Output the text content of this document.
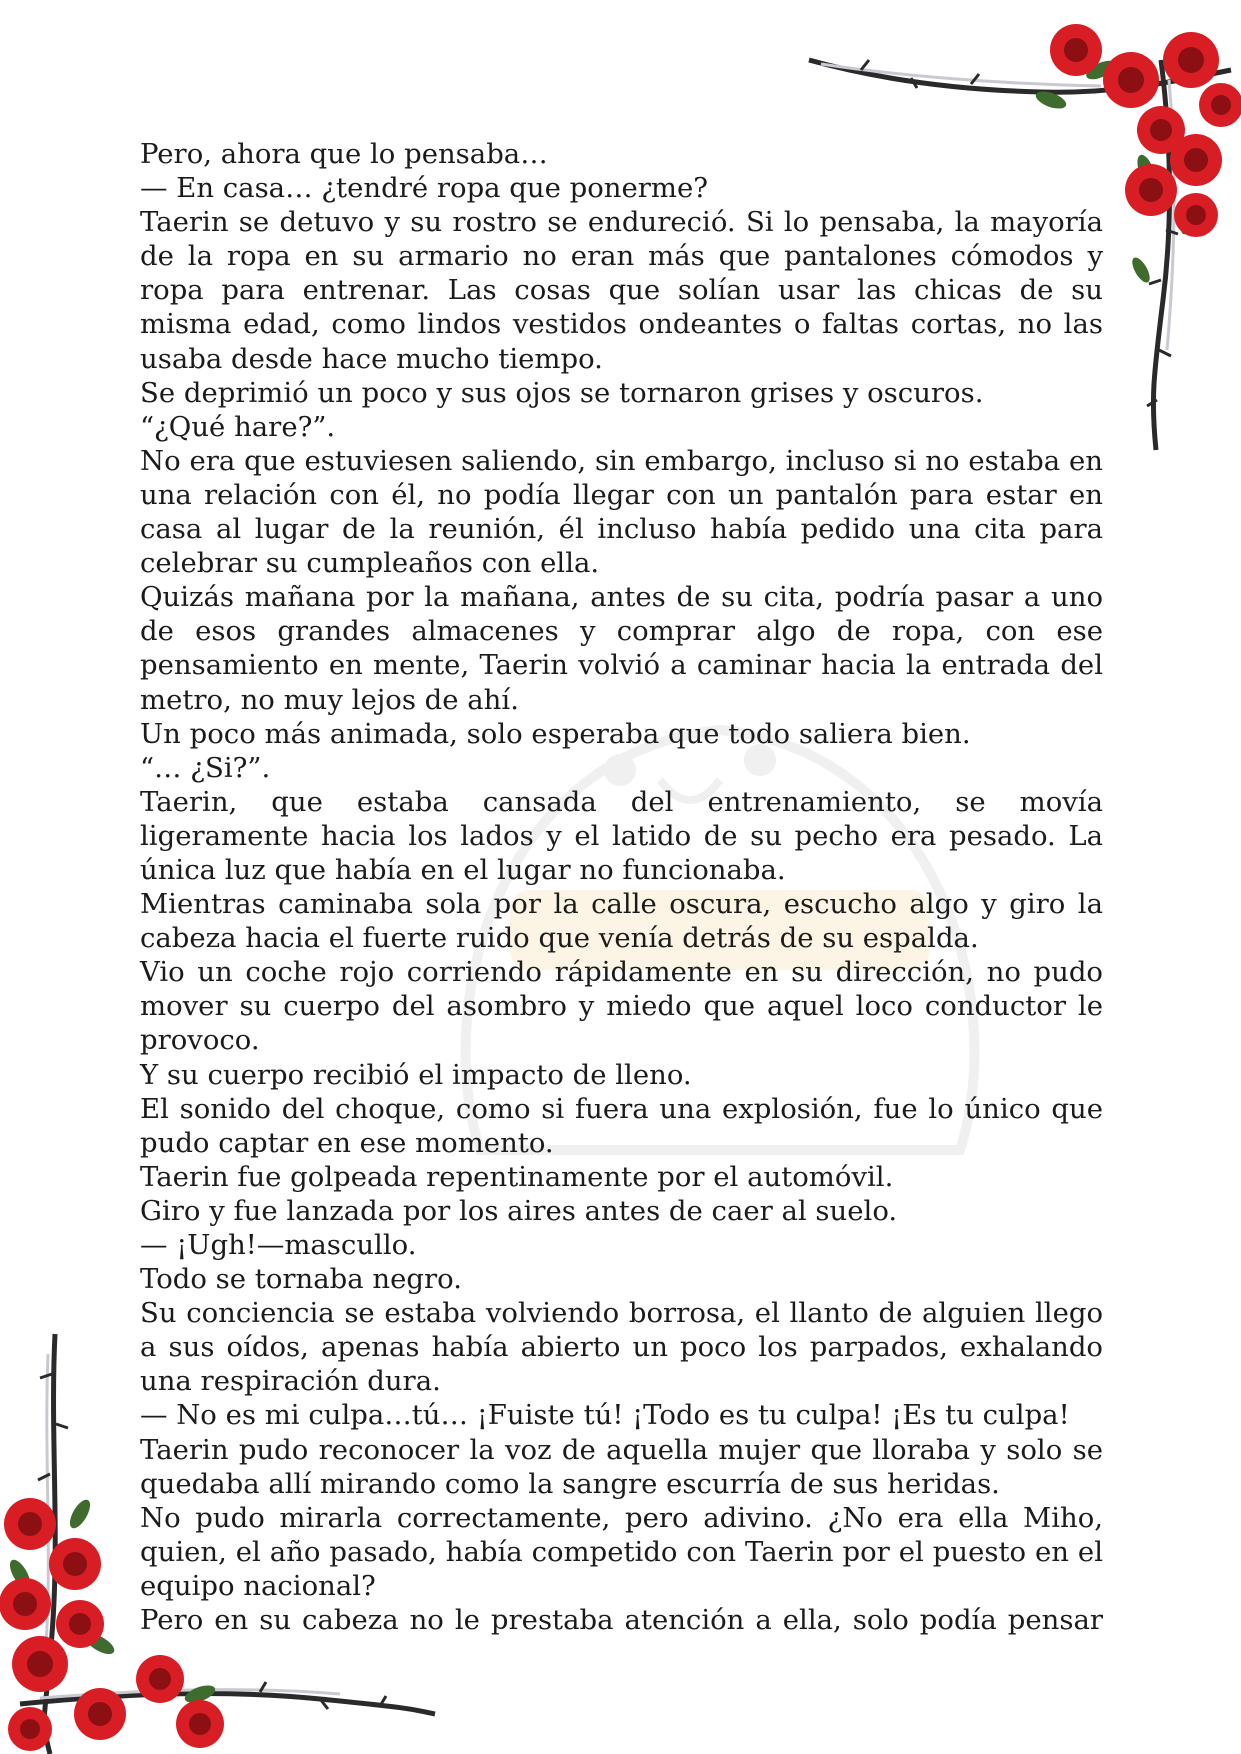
Pero, ahora que lo pensaba…

— En casa… ¿tendré ropa que ponerme?

Taerin se detuvo y su rostro se endureció. Si lo pensaba, la mayoría de la ropa en su armario no eran más que pantalones cómodos y ropa para entrenar. Las cosas que solían usar las chicas de su misma edad, como lindos vestidos ondeantes o faltas cortas, no las usaba desde hace mucho tiempo.

Se deprimió un poco y sus ojos se tornaron grises y oscuros.

“¿Qué hare?”.

No era que estuviesen saliendo, sin embargo, incluso si no estaba en una relación con él, no podía llegar con un pantalón para estar en casa al lugar de la reunión, él incluso había pedido una cita para celebrar su cumpleaños con ella.

Quizás mañana por la mañana, antes de su cita, podría pasar a uno de esos grandes almacenes y comprar algo de ropa, con ese pensamiento en mente, Taerin volvió a caminar hacia la entrada del metro, no muy lejos de ahí.

Un poco más animada, solo esperaba que todo saliera bien.

“… ¿Si?”.

Taerin, que estaba cansada del entrenamiento, se movía ligeramente hacia los lados y el latido de su pecho era pesado. La única luz que había en el lugar no funcionaba.

Mientras caminaba sola por la calle oscura, escucho algo y giro la cabeza hacia el fuerte ruido que venía detrás de su espalda.

Vio un coche rojo corriendo rápidamente en su dirección, no pudo mover su cuerpo del asombro y miedo que aquel loco conductor le provoco.

Y su cuerpo recibió el impacto de lleno.

El sonido del choque, como si fuera una explosión, fue lo único que pudo captar en ese momento.

Taerin fue golpeada repentinamente por el automóvil.

Giro y fue lanzada por los aires antes de caer al suelo.

— ¡Ugh!—mascullo.

Todo se tornaba negro.

Su conciencia se estaba volviendo borrosa, el llanto de alguien llego a sus oídos, apenas había abierto un poco los parpados, exhalando una respiración dura.

— No es mi culpa…tú… ¡Fuiste tú! ¡Todo es tu culpa! ¡Es tu culpa!

Taerin pudo reconocer la voz de aquella mujer que lloraba y solo se quedaba allí mirando como la sangre escurría de sus heridas.

No pudo mirarla correctamente, pero adivino. ¿No era ella Miho, quien, el año pasado, había competido con Taerin por el puesto en el equipo nacional?

Pero en su cabeza no le prestaba atención a ella, solo podía pensar
